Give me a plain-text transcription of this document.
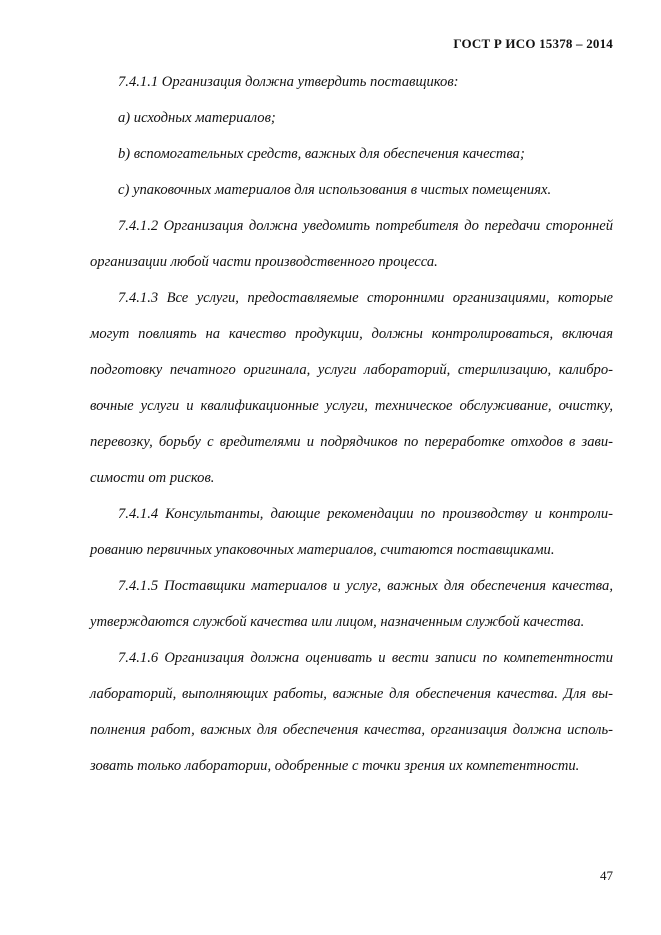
ГОСТ Р ИСО 15378 – 2014

7.4.1.1 Организация должна утвердить поставщиков:

a) исходных материалов;

b) вспомогательных средств, важных для обеспечения качества;

c) упаковочных материалов для использования в чистых помещениях.

7.4.1.2 Организация должна уведомить потребителя до передачи сторонней
организации любой части производственного процесса.
7.4.1.3 Все услуги, предоставляемые сторонними организациями, которые
могут повлиять на качество продукции, должны контролироваться, включая
подготовку печатного оригинала, услуги лабораторий, стерилизацию, калибро-
вочные услуги и квалификационные услуги, техническое обслуживание, очистку,
перевозку, борьбу с вредителями и подрядчиков по переработке отходов в зави-
симости от рисков.
7.4.1.4 Консультанты, дающие рекомендации по производству и контроли-
рованию первичных упаковочных материалов, считаются поставщиками.
7.4.1.5 Поставщики материалов и услуг, важных для обеспечения качества,
утверждаются службой качества или лицом, назначенным службой качества.
7.4.1.6 Организация должна оценивать и вести записи по компетентности
лабораторий, выполняющих работы, важные для обеспечения качества. Для вы-
полнения работ, важных для обеспечения качества, организация должна исполь-
зовать только лаборатории, одобренные с точки зрения их компетентности.
47
